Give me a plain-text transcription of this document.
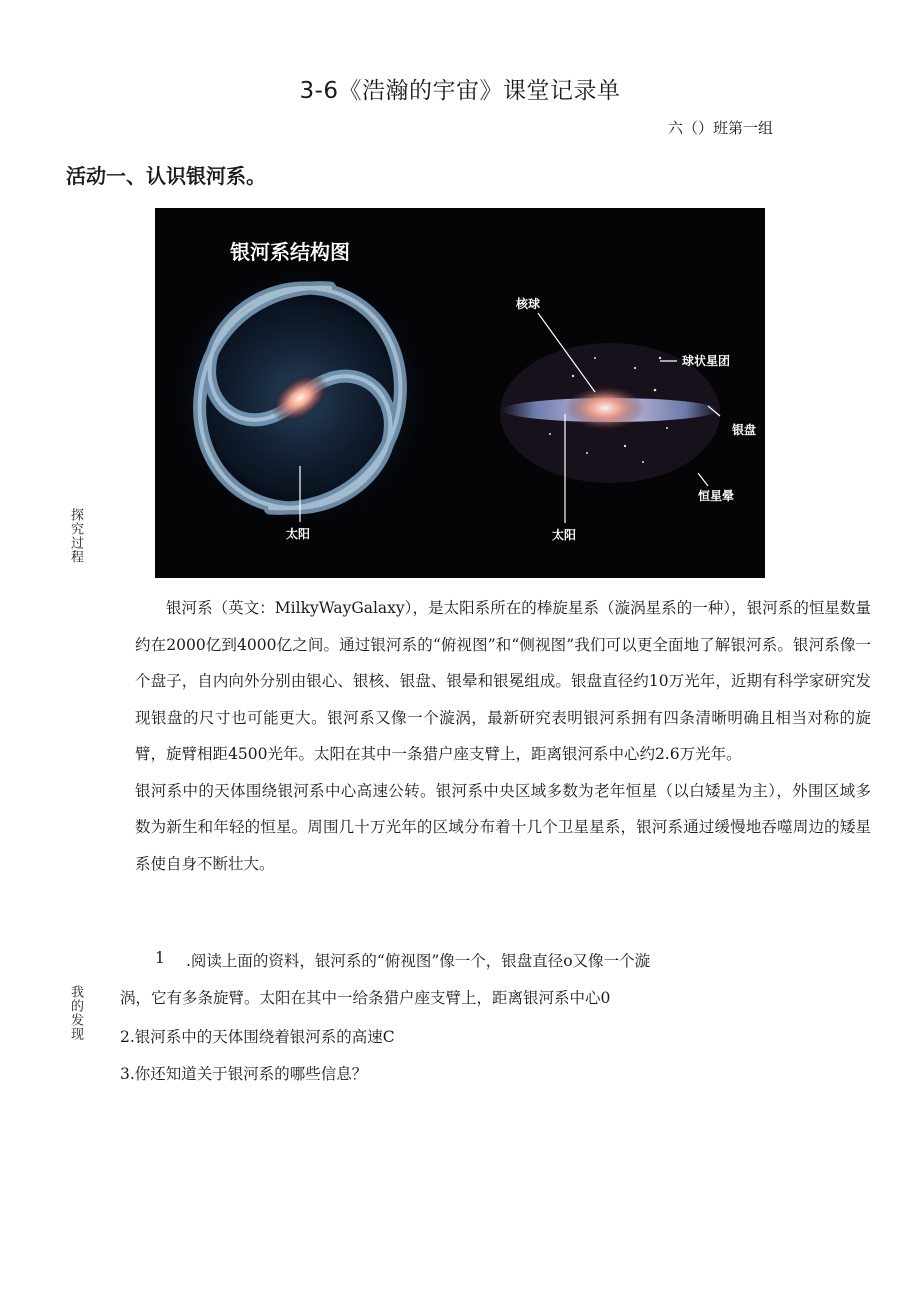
3-6《浩瀚的宇宙》课堂记录单
六（）班第一组
活动一、认识银河系。
银河系结构图
太阳
核球
球状星团
银盘
恒星晕
太阳
探究过程

银河系（英文：MilkyWayGalaxy），是太阳系所在的棒旋星系（漩涡星系的一种），银河系的恒星数量约在2000亿到4000亿之间。通过银河系的“俯视图”和“侧视图”我们可以更全面地了解银河系。银河系像一个盘子，自内向外分别由银心、银核、银盘、银晕和银冕组成。银盘直径约10万光年，近期有科学家研究发现银盘的尺寸也可能更大。银河系又像一个漩涡，最新研究表明银河系拥有四条清晰明确且相当对称的旋臂，旋臂相距4500光年。太阳在其中一条猎户座支臂上，距离银河系中心约2.6万光年。

银河系中的天体围绕银河系中心高速公转。银河系中央区域多数为老年恒星（以白矮星为主），外围区域多数为新生和年轻的恒星。周围几十万光年的区域分布着十几个卫星星系，银河系通过缓慢地吞噬周边的矮星系使自身不断壮大。

我的发现
1 .阅读上面的资料，银河系的“俯视图”像一个，银盘直径o又像一个漩
涡，它有多条旋臂。太阳在其中一给条猎户座支臂上，距离银河系中心0
2.银河系中的天体围绕着银河系的高速C
3.你还知道关于银河系的哪些信息？
